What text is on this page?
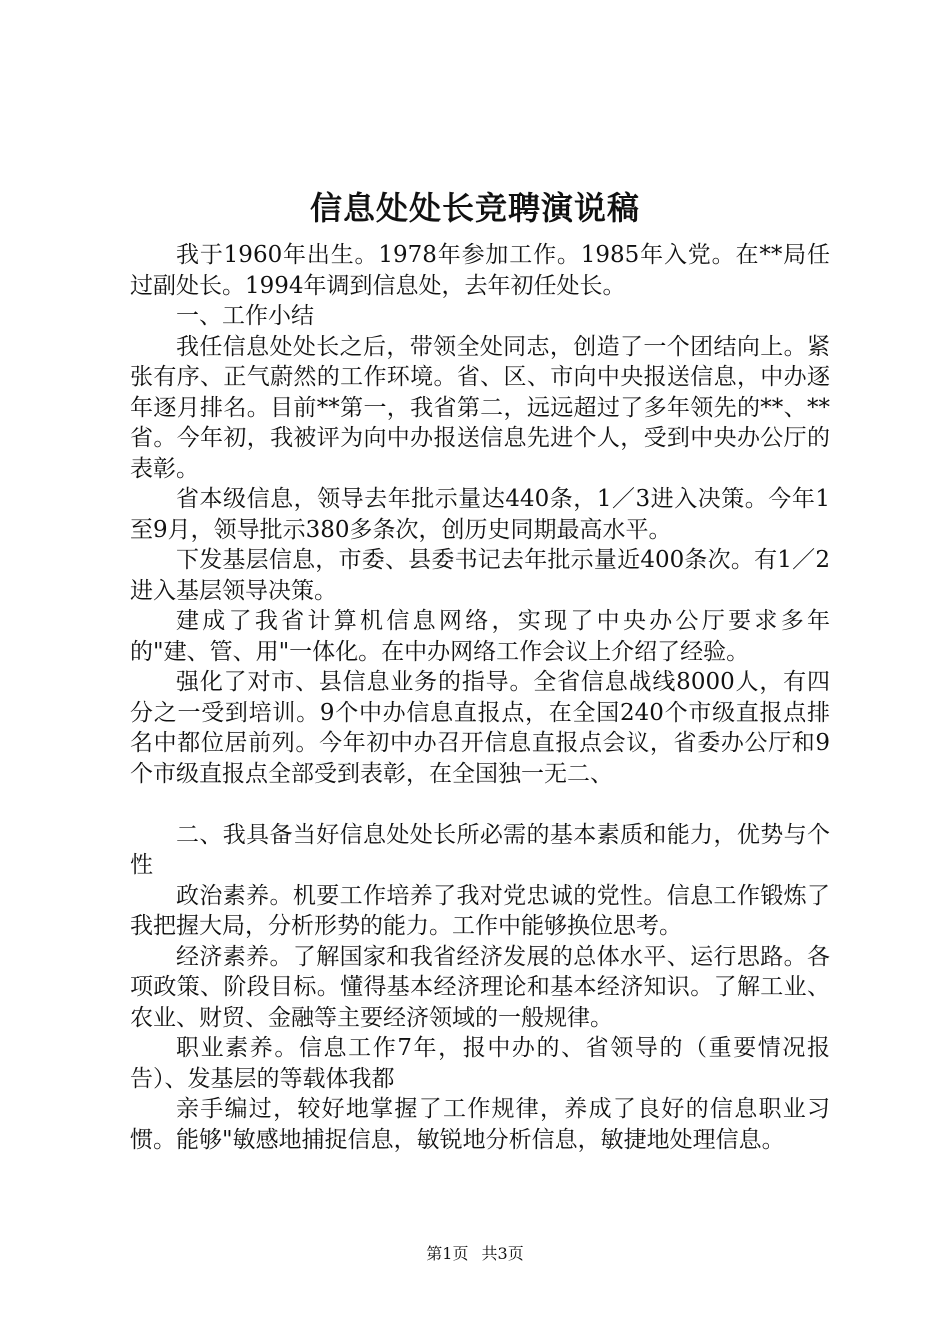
信息处处长竞聘演说稿

我于1960年出生。1978年参加工作。1985年入党。在**局任过副处长。1994年调到信息处，去年初任处长。

一、工作小结

我任信息处处长之后，带领全处同志，创造了一个团结向上。紧张有序、正气蔚然的工作环境。省、区、市向中央报送信息，中办逐年逐月排名。目前**第一，我省第二，远远超过了多年领先的**、**省。今年初，我被评为向中办报送信息先进个人，受到中央办公厅的表彰。

省本级信息，领导去年批示量达440条，1／3进入决策。今年1至9月，领导批示380多条次，创历史同期最高水平。

下发基层信息，市委、县委书记去年批示量近400条次。有1／2进入基层领导决策。

建成了我省计算机信息网络，实现了中央办公厅要求多年的"建、管、用"一体化。在中办网络工作会议上介绍了经验。

强化了对市、县信息业务的指导。全省信息战线8000人，有四分之一受到培训。9个中办信息直报点，在全国240个市级直报点排名中都位居前列。今年初中办召开信息直报点会议，省委办公厅和9个市级直报点全部受到表彰，在全国独一无二、

二、我具备当好信息处处长所必需的基本素质和能力，优势与个性

政治素养。机要工作培养了我对党忠诚的党性。信息工作锻炼了我把握大局，分析形势的能力。工作中能够换位思考。

经济素养。了解国家和我省经济发展的总体水平、运行思路。各项政策、阶段目标。懂得基本经济理论和基本经济知识。了解工业、农业、财贸、金融等主要经济领域的一般规律。

职业素养。信息工作7年，报中办的、省领导的（重要情况报告）、发基层的等载体我都

亲手编过，较好地掌握了工作规律，养成了良好的信息职业习惯。能够"敏感地捕捉信息，敏锐地分析信息，敏捷地处理信息。

第1页 共3页
